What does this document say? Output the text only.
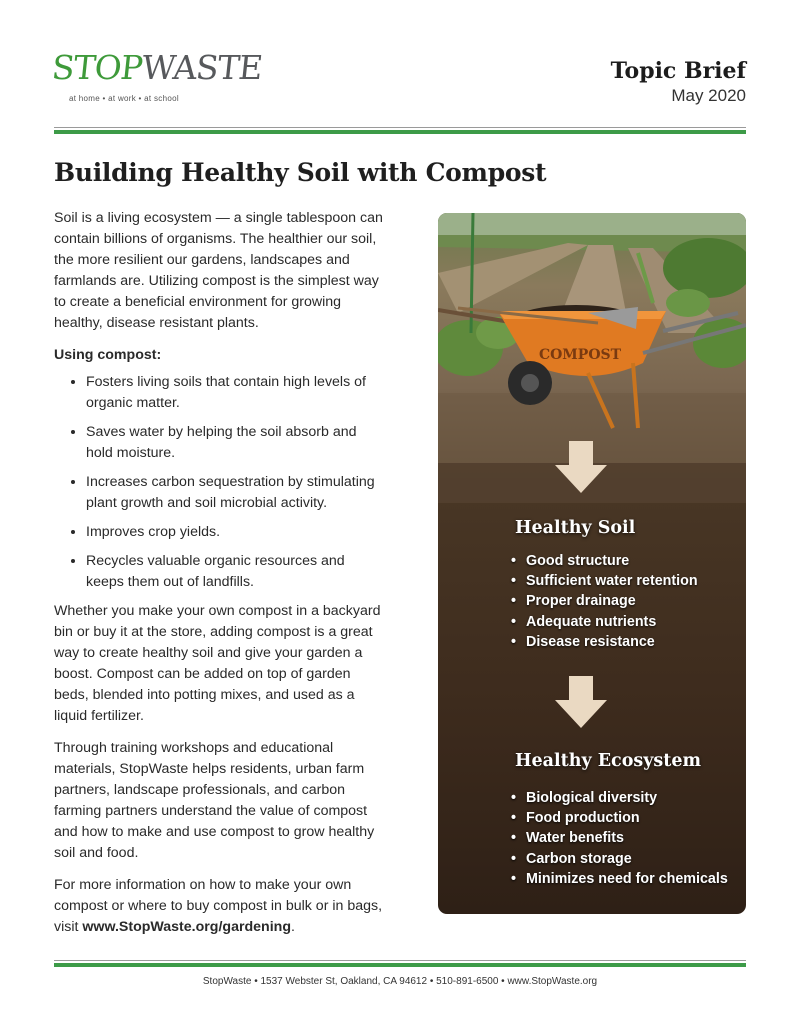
STOPWASTE
at home • at work • at school
Topic Brief
May 2020
Building Healthy Soil with Compost

Soil is a living ecosystem — a single tablespoon can contain billions of organisms. The healthier our soil, the more resilient our gardens, landscapes and farmlands are. Utilizing compost is the simplest way to create a beneficial environment for growing healthy, disease resistant plants.

Using compost:

• Fosters living soils that contain high levels of organic matter.
• Saves water by helping the soil absorb and hold moisture.
• Increases carbon sequestration by stimulating plant growth and soil microbial activity.
• Improves crop yields.
• Recycles valuable organic resources and keeps them out of landfills.

Whether you make your own compost in a backyard bin or buy it at the store, adding compost is a great way to create healthy soil and give your garden a boost. Compost can be added on top of garden beds, blended into potting mixes, and used as a liquid fertilizer.

Through training workshops and educational materials, StopWaste helps residents, urban farm partners, landscape professionals, and carbon farming partners understand the value of compost and how to make and use compost to grow healthy soil and food.

For more information on how to make your own compost or where to buy compost in bulk or in bags, visit www.StopWaste.org/gardening.

COMPOST
Healthy Soil
• Good structure
• Sufficient water retention
• Proper drainage
• Adequate nutrients
• Disease resistance
Healthy Ecosystem
• Biological diversity
• Food production
• Water benefits
• Carbon storage
• Minimizes need for chemicals
StopWaste • 1537 Webster St, Oakland, CA 94612 • 510-891-6500 • www.StopWaste.org
